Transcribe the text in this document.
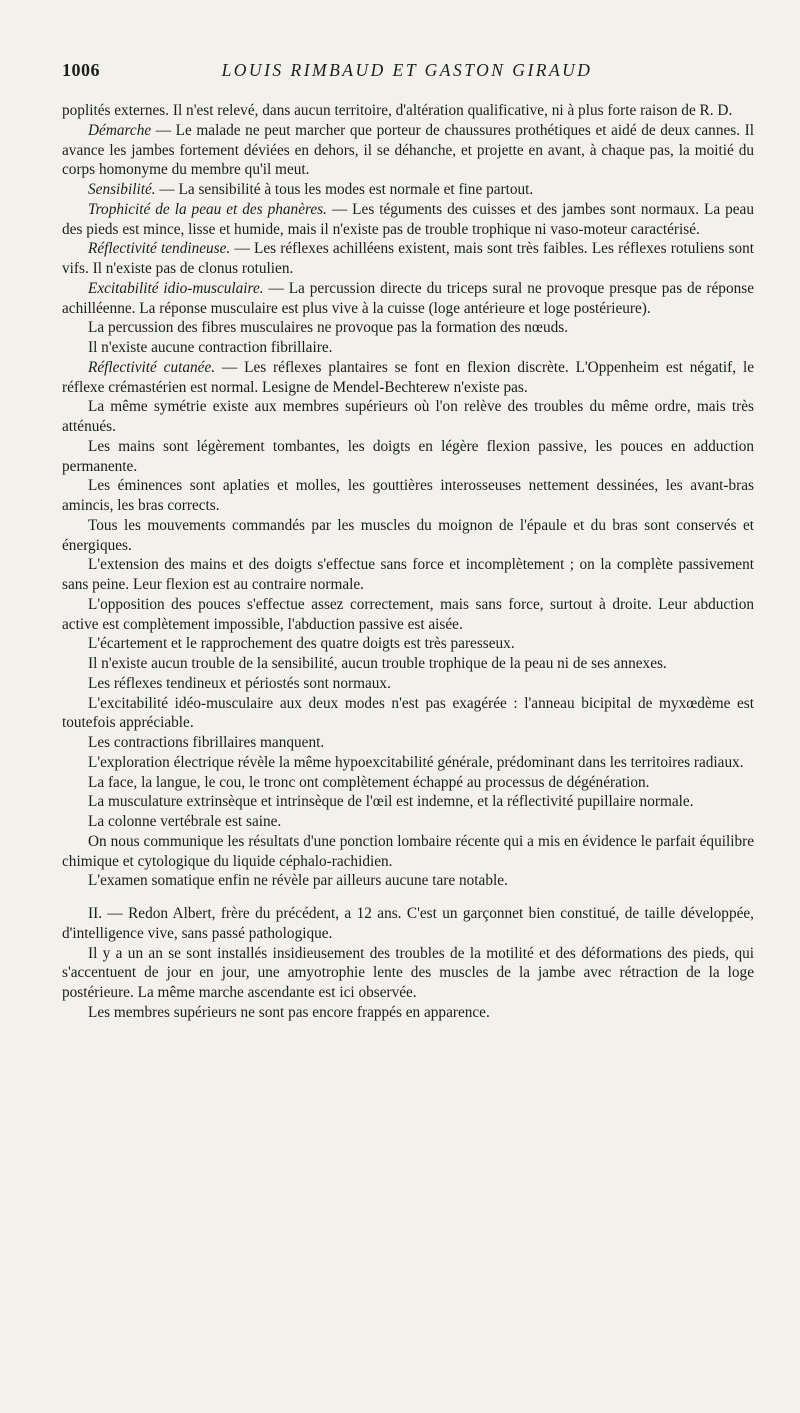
1006	LOUIS RIMBAUD ET GASTON GIRAUD

poplités externes. Il n'est relevé, dans aucun territoire, d'altération qualificative, ni à plus forte raison de R. D.

Démarche — Le malade ne peut marcher que porteur de chaussures prothétiques et aidé de deux cannes. Il avance les jambes fortement déviées en dehors, il se déhanche, et projette en avant, à chaque pas, la moitié du corps homonyme du membre qu'il meut.

Sensibilité. — La sensibilité à tous les modes est normale et fine partout.

Trophicité de la peau et des phanères. — Les téguments des cuisses et des jambes sont normaux. La peau des pieds est mince, lisse et humide, mais il n'existe pas de trouble trophique ni vaso-moteur caractérisé.

Réflectivité tendineuse. — Les réflexes achilléens existent, mais sont très faibles. Les réflexes rotuliens sont vifs. Il n'existe pas de clonus rotulien.

Excitabilité idio-musculaire. — La percussion directe du triceps sural ne provoque presque pas de réponse achilléenne. La réponse musculaire est plus vive à la cuisse (loge antérieure et loge postérieure).

La percussion des fibres musculaires ne provoque pas la formation des nœuds.

Il n'existe aucune contraction fibrillaire.

Réflectivité cutanée. — Les réflexes plantaires se font en flexion discrète. L'Oppenheim est négatif, le réflexe crémastérien est normal. Lesigne de Mendel-Bechterew n'existe pas.

La même symétrie existe aux membres supérieurs où l'on relève des troubles du même ordre, mais très atténués.

Les mains sont légèrement tombantes, les doigts en légère flexion passive, les pouces en adduction permanente.

Les éminences sont aplaties et molles, les gouttières interosseuses nettement dessinées, les avant-bras amincis, les bras corrects.

Tous les mouvements commandés par les muscles du moignon de l'épaule et du bras sont conservés et énergiques.

L'extension des mains et des doigts s'effectue sans force et incomplètement ; on la complète passivement sans peine. Leur flexion est au contraire normale.

L'opposition des pouces s'effectue assez correctement, mais sans force, surtout à droite. Leur abduction active est complètement impossible, l'abduction passive est aisée.

L'écartement et le rapprochement des quatre doigts est très paresseux.

Il n'existe aucun trouble de la sensibilité, aucun trouble trophique de la peau ni de ses annexes.

Les réflexes tendineux et périostés sont normaux.

L'excitabilité idéo-musculaire aux deux modes n'est pas exagérée : l'anneau bicipital de myxœdème est toutefois appréciable.

Les contractions fibrillaires manquent.

L'exploration électrique révèle la même hypoexcitabilité générale, prédominant dans les territoires radiaux.

La face, la langue, le cou, le tronc ont complètement échappé au processus de dégénération.

La musculature extrinsèque et intrinsèque de l'œil est indemne, et la réflectivité pupillaire normale.

La colonne vertébrale est saine.

On nous communique les résultats d'une ponction lombaire récente qui a mis en évidence le parfait équilibre chimique et cytologique du liquide céphalo-rachidien.

L'examen somatique enfin ne révèle par ailleurs aucune tare notable.

II. — Redon Albert, frère du précédent, a 12 ans. C'est un garçonnet bien constitué, de taille développée, d'intelligence vive, sans passé pathologique.

Il y a un an se sont installés insidieusement des troubles de la motilité et des déformations des pieds, qui s'accentuent de jour en jour, une amyotrophie lente des muscles de la jambe avec rétraction de la loge postérieure. La même marche ascendante est ici observée.

Les membres supérieurs ne sont pas encore frappés en apparence.
